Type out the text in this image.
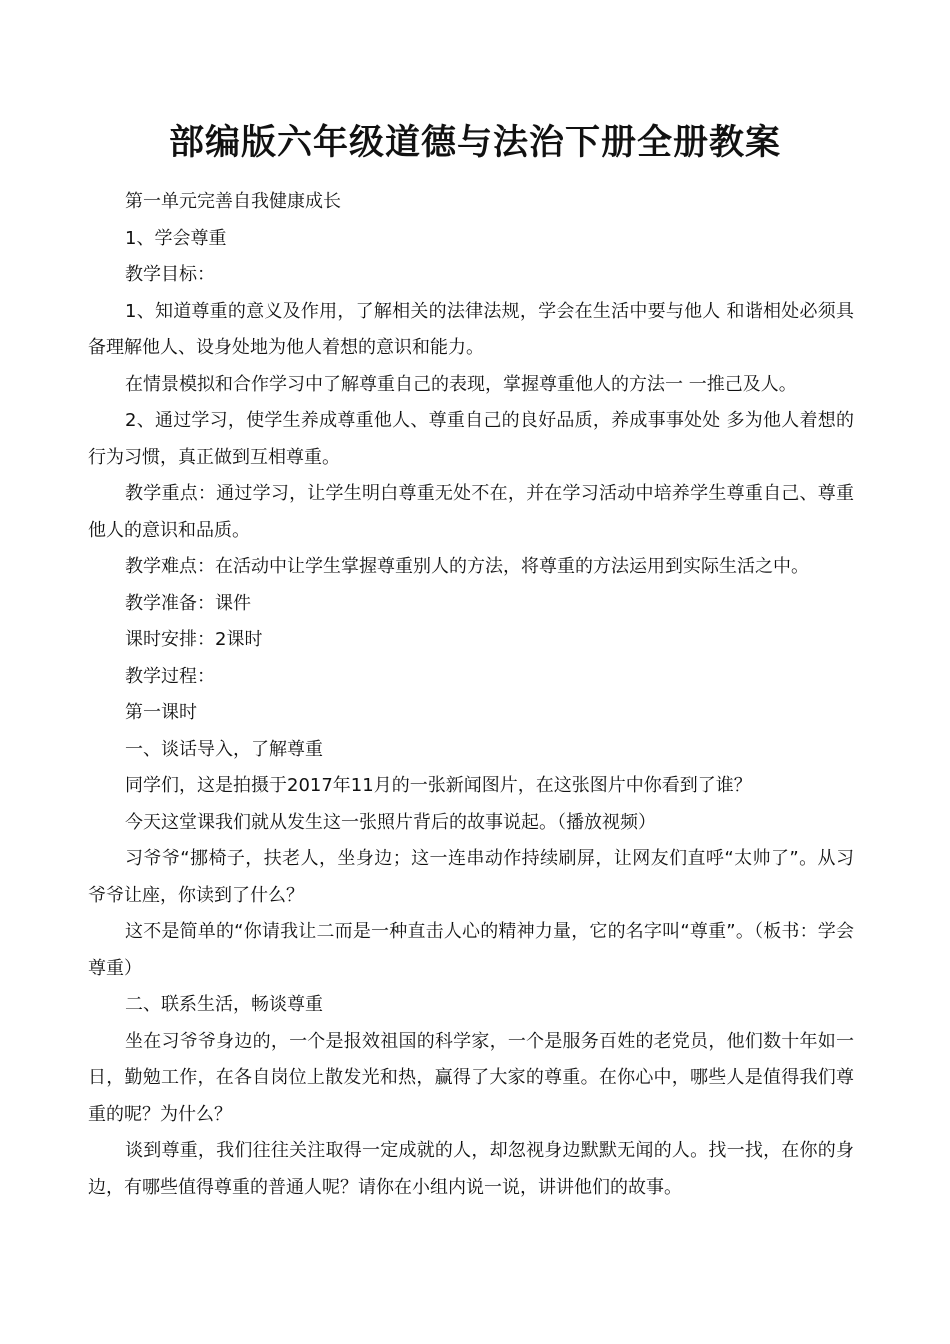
部编版六年级道德与法治下册全册教案

第一单元完善自我健康成长

1、学会尊重

教学目标：

1、知道尊重的意义及作用，了解相关的法律法规，学会在生活中要与他人 和谐相处必须具备理解他人、设身处地为他人着想的意识和能力。

在情景模拟和合作学习中了解尊重自己的表现，掌握尊重他人的方法一 一推己及人。

2、通过学习，使学生养成尊重他人、尊重自己的良好品质，养成事事处处 多为他人着想的行为习惯，真正做到互相尊重。

教学重点：通过学习，让学生明白尊重无处不在，并在学习活动中培养学生尊重自己、尊重他人的意识和品质。

教学难点：在活动中让学生掌握尊重别人的方法，将尊重的方法运用到实际生活之中。

教学准备：课件

课时安排：2课时

教学过程：

第一课时

一、谈话导入，了解尊重

同学们，这是拍摄于2017年11月的一张新闻图片，在这张图片中你看到了谁？

今天这堂课我们就从发生这一张照片背后的故事说起。（播放视频）

习爷爷“挪椅子，扶老人，坐身边；这一连串动作持续刷屏，让网友们直呼“太帅了”。从习爷爷让座，你读到了什么？

这不是简单的“你请我让二而是一种直击人心的精神力量，它的名字叫“尊重”。（板书：学会尊重）

二、联系生活，畅谈尊重

坐在习爷爷身边的，一个是报效祖国的科学家，一个是服务百姓的老党员，他们数十年如一日，勤勉工作，在各自岗位上散发光和热，赢得了大家的尊重。在你心中，哪些人是值得我们尊重的呢？为什么？

谈到尊重，我们往往关注取得一定成就的人，却忽视身边默默无闻的人。找一找，在你的身边，有哪些值得尊重的普通人呢？请你在小组内说一说，讲讲他们的故事。
